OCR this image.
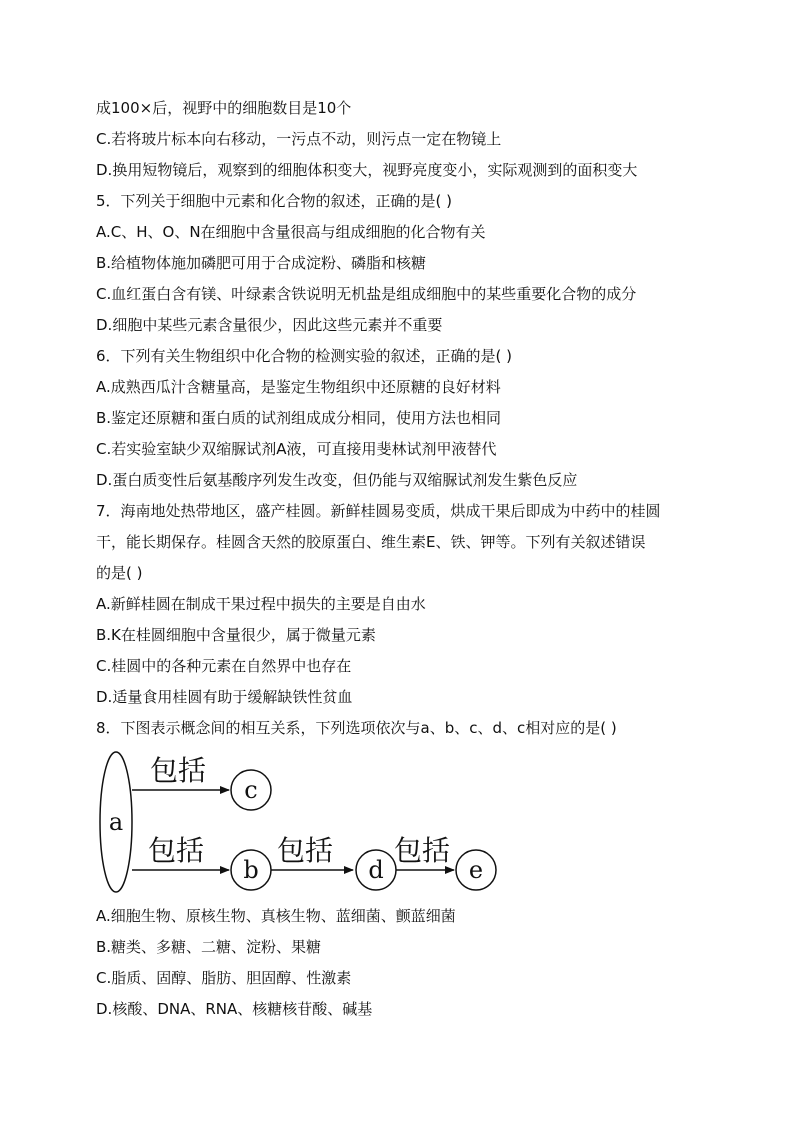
成100×后，视野中的细胞数目是10个
C.若将玻片标本向右移动，一污点不动，则污点一定在物镜上
D.换用短物镜后，观察到的细胞体积变大，视野亮度变小，实际观测到的面积变大
5．下列关于细胞中元素和化合物的叙述，正确的是( )
A.C、H、O、N在细胞中含量很高与组成细胞的化合物有关
B.给植物体施加磷肥可用于合成淀粉、磷脂和核糖
C.血红蛋白含有镁、叶绿素含铁说明无机盐是组成细胞中的某些重要化合物的成分
D.细胞中某些元素含量很少，因此这些元素并不重要
6．下列有关生物组织中化合物的检测实验的叙述，正确的是( )
A.成熟西瓜汁含糖量高，是鉴定生物组织中还原糖的良好材料
B.鉴定还原糖和蛋白质的试剂组成成分相同，使用方法也相同
C.若实验室缺少双缩脲试剂A液，可直接用斐林试剂甲液替代
D.蛋白质变性后氨基酸序列发生改变，但仍能与双缩脲试剂发生紫色反应
7．海南地处热带地区，盛产桂圆。新鲜桂圆易变质，烘成干果后即成为中药中的桂圆
干，能长期保存。桂圆含天然的胶原蛋白、维生素E、铁、钾等。下列有关叙述错误
的是( )
A.新鲜桂圆在制成干果过程中损失的主要是自由水
B.K在桂圆细胞中含量很少，属于微量元素
C.桂圆中的各种元素在自然界中也存在
D.适量食用桂圆有助于缓解缺铁性贫血
8．下图表示概念间的相互关系，下列选项依次与a、b、c、d、c相对应的是( )
a
包括
c
包括
b
包括
d
包括
e
A.细胞生物、原核生物、真核生物、蓝细菌、颤蓝细菌
B.糖类、多糖、二糖、淀粉、果糖
C.脂质、固醇、脂肪、胆固醇、性激素
D.核酸、DNA、RNA、核糖核苷酸、碱基
